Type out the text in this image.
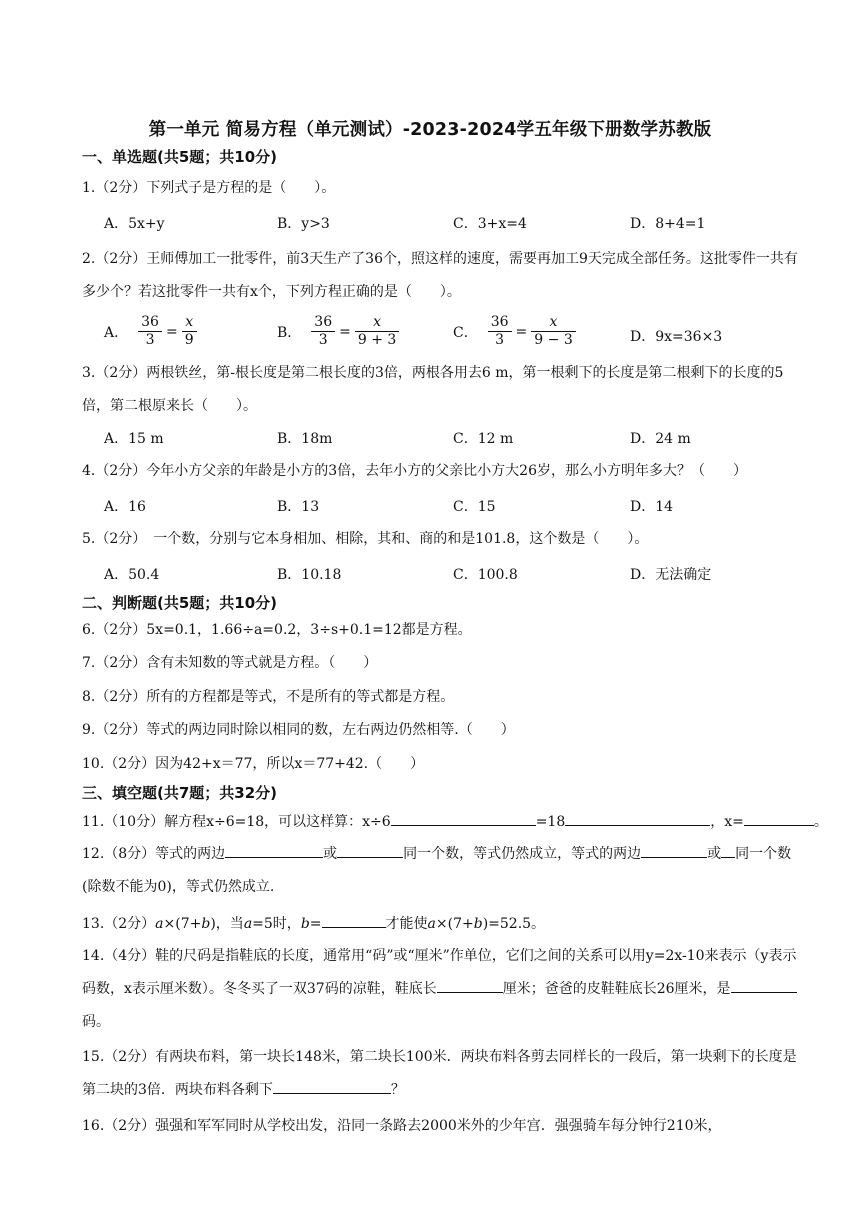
第一单元 简易方程（单元测试）-2023-2024学五年级下册数学苏教版
一、单选题(共5题；共10分)
1.（2分）下列式子是方程的是（　　）。
A．5x+y	B．y>3	C．3+x=4	D．8+4=1
2.（2分）王师傅加工一批零件，前3天生产了36个，照这样的速度，需要再加工9天完成全部任务。这批零件一共有多少个？若这批零件一共有x个，下列方程正确的是（　　）。
A． $\frac{36}{3} = \frac{x}{9}$	B． $\frac{36}{3} = \frac{x}{9 + 3}$	C． $\frac{36}{3} = \frac{x}{9 - 3}$	D．9x=36×3
3.（2分）两根铁丝，第-根长度是第二根长度的3倍，两根各用去6 m，第一根剩下的长度是第二根剩下的长度的5倍，第二根原来长（　　）。
A．15 m	B．18m	C．12 m	D．24 m
4.（2分）今年小方父亲的年龄是小方的3倍，去年小方的父亲比小方大26岁，那么小方明年多大？（　　）
A．16	B．13	C．15	D．14
5.（2分）　一个数，分别与它本身相加、相除，其和、商的和是101.8，这个数是（　　）。
A．50.4	B．10.18	C．100.8	D．无法确定
二、判断题(共5题；共10分)
6.（2分）5x=0.1，1.66÷a=0.2，3÷s+0.1=12都是方程。
7.（2分）含有未知数的等式就是方程。（　　）
8.（2分）所有的方程都是等式，不是所有的等式都是方程。
9.（2分）等式的两边同时除以相同的数，左右两边仍然相等.（　　）
10.（2分）因为42+x＝77，所以x＝77+42.（　　）
三、填空题(共7题；共32分)
11.（10分）解方程x÷6=18，可以这样算：x÷6	=18	，x=	。
12.（8分）等式的两边	或	同一个数，等式仍然成立，等式的两边	或 同一个数(除数不能为0)，等式仍然成立.
13.（2分）a×(7+b)，当a=5时，b=	才能使a×(7+b)=52.5。
14.（4分）鞋的尺码是指鞋底的长度，通常用“码”或“厘米”作单位，它们之间的关系可以用y=2x-10来表示（y表示码数，x表示厘米数）。冬冬买了一双37码的凉鞋，鞋底长	厘米；爸爸的皮鞋鞋底长26厘米，是码。
15.（2分）有两块布料，第一块长148米，第二块长100米．两块布料各剪去同样长的一段后，第一块剩下的长度是第二块的3倍．两块布料各剩下	？
16.（2分）强强和军军同时从学校出发，沿同一条路去2000米外的少年宫．强强骑车每分钟行210米，
